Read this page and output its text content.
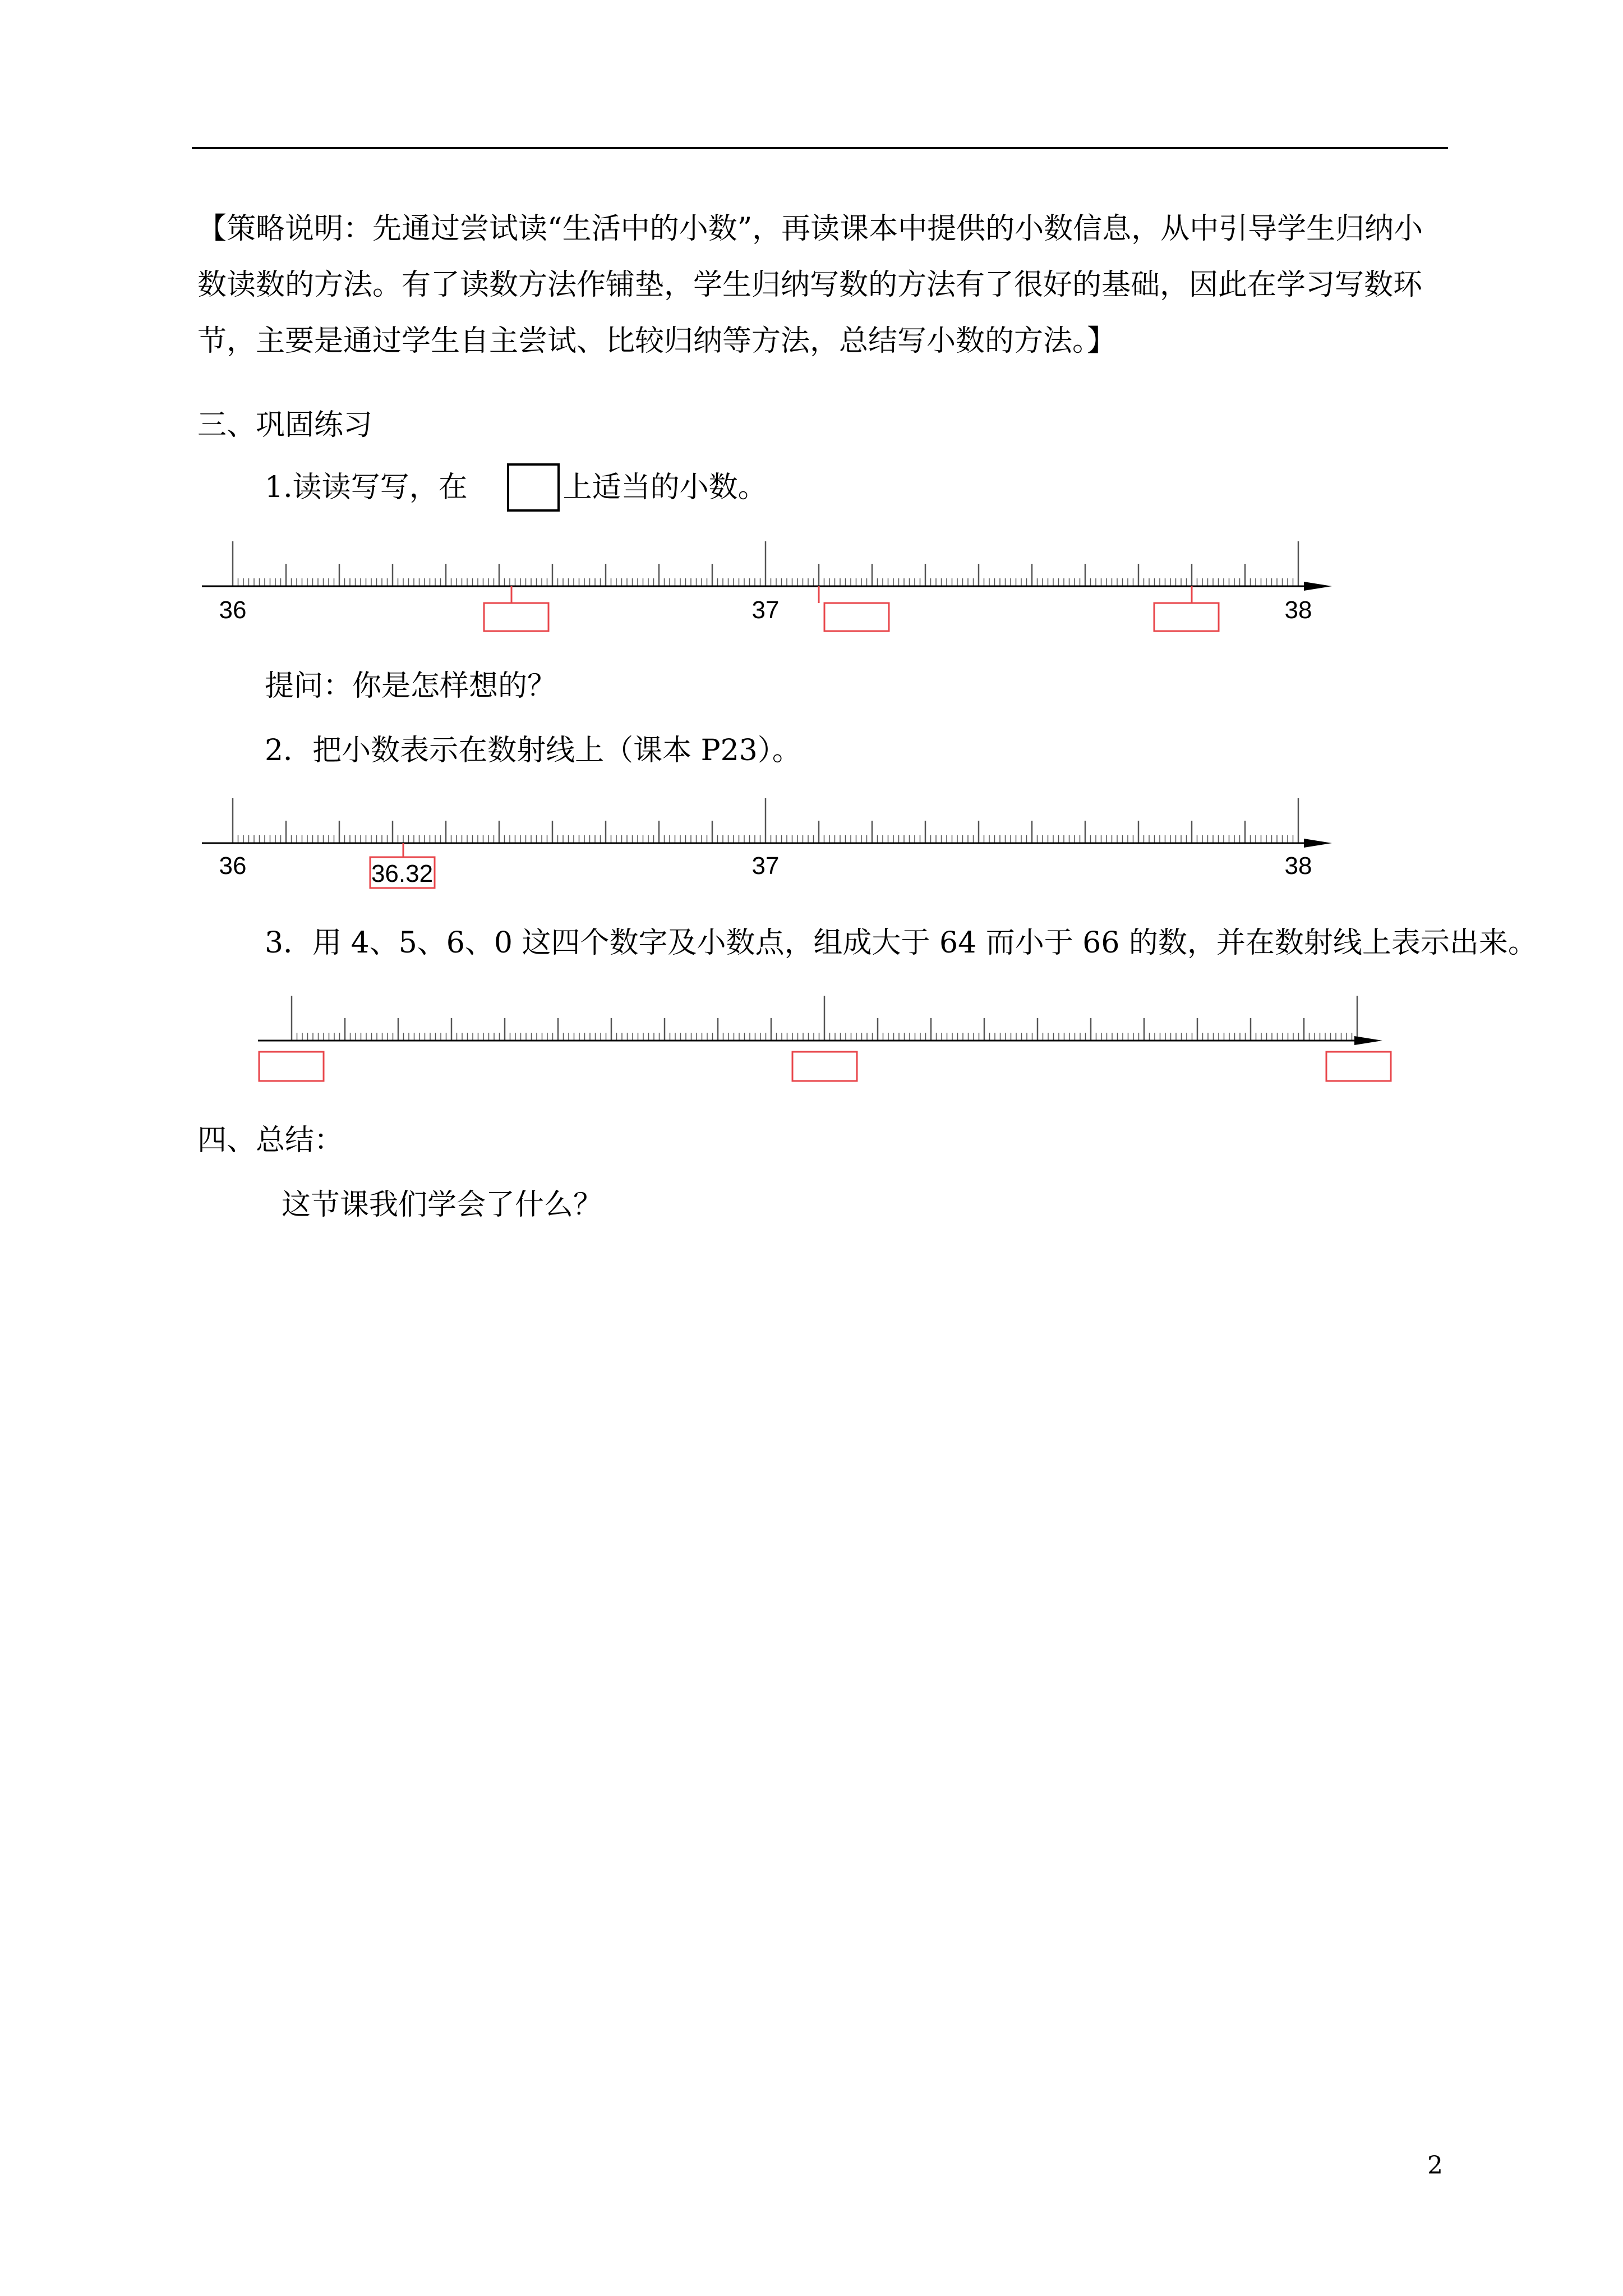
【策略说明：先通过尝试读“生活中的小数”，再读课本中提供的小数信息，从中引导学生归纳小数读数的方法。有了读数方法作铺垫，学生归纳写数的方法有了很好的基础，因此在学习写数环节，主要是通过学生自主尝试、比较归纳等方法，总结写小数的方法。】

三、巩固练习

1.读读写写，在	上适当的小数。
36	37	38
36	37	38
36.32

提问：你是怎样想的？

2．把小数表示在数射线上（课本 P23）。

3．用 4、5、6、0 这四个数字及小数点，组成大于 64 而小于 66 的数，并在数射线上表示出来。

四、总结：

这节课我们学会了什么？

2
